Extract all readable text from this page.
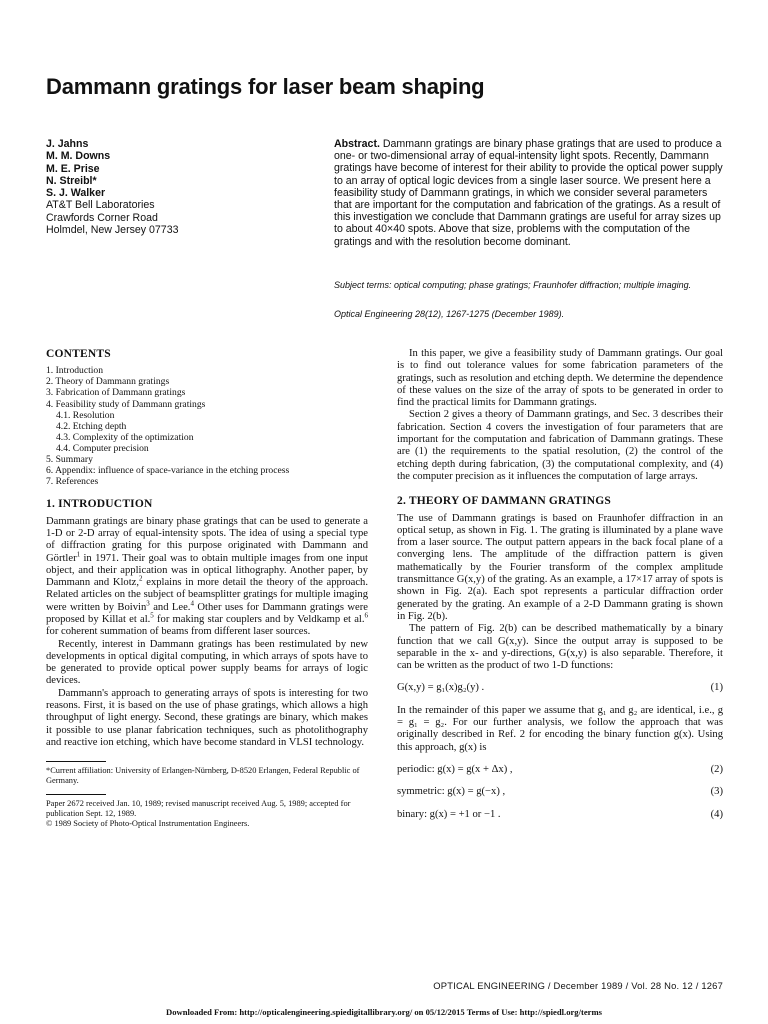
Dammann gratings for laser beam shaping
J. Jahns
M. M. Downs
M. E. Prise
N. Streibl*
S. J. Walker
AT&T Bell Laboratories
Crawfords Corner Road
Holmdel, New Jersey 07733

Abstract. Dammann gratings are binary phase gratings that are used to produce a one- or two-dimensional array of equal-intensity light spots. Recently, Dammann gratings have become of interest for their ability to provide the optical power supply to an array of optical logic devices from a single laser source. We present here a feasibility study of Dammann gratings, in which we consider several parameters that are important for the computation and fabrication of the gratings. As a result of this investigation we conclude that Dammann gratings are useful for array sizes up to about 40×40 spots. Above that size, problems with the computation of the gratings and with the resolution become dominant.

Subject terms: optical computing; phase gratings; Fraunhofer diffraction; multiple imaging.
Optical Engineering 28(12), 1267-1275 (December 1989).
CONTENTS
1. Introduction
2. Theory of Dammann gratings
3. Fabrication of Dammann gratings
4. Feasibility study of Dammann gratings
4.1. Resolution
4.2. Etching depth
4.3. Complexity of the optimization
4.4. Computer precision
5. Summary
6. Appendix: influence of space-variance in the etching process
7. References
1. INTRODUCTION

Dammann gratings are binary phase gratings that can be used to generate a 1-D or 2-D array of equal-intensity spots. The idea of using a special type of diffraction grating for this purpose originated with Dammann and Görtler$^1$ in 1971. Their goal was to obtain multiple images from one input object, and their application was in optical lithography. Another paper, by Dammann and Klotz,$^2$ explains in more detail the theory of the approach. Related articles on the subject of beamsplitter gratings for multiple imaging were written by Boivin$^3$ and Lee.$^4$ Other uses for Dammann gratings were proposed by Killat et al.$^5$ for making star couplers and by Veldkamp et al.$^6$ for coherent summation of beams from different laser sources.

Recently, interest in Dammann gratings has been restimulated by new developments in optical digital computing, in which arrays of spots have to be generated to provide optical power supply beams for arrays of logic devices.

Dammann's approach to generating arrays of spots is interesting for two reasons. First, it is based on the use of phase gratings, which allows a high throughput of light energy. Second, these gratings are binary, which makes it possible to use planar fabrication techniques, such as photolithography and reactive ion etching, which have become standard in VLSI technology.

*Current affiliation: University of Erlangen-Nürnberg, D-8520 Erlangen, Federal Republic of Germany.

Paper 2672 received Jan. 10, 1989; revised manuscript received Aug. 5, 1989; accepted for publication Sept. 12, 1989.

© 1989 Society of Photo-Optical Instrumentation Engineers.

In this paper, we give a feasibility study of Dammann gratings. Our goal is to find out tolerance values for some fabrication parameters of the gratings, such as resolution and etching depth. We determine the dependence of these values on the size of the array of spots to be generated in order to find the practical limits for Dammann gratings.

Section 2 gives a theory of Dammann gratings, and Sec. 3 describes their fabrication. Section 4 covers the investigation of four parameters that are important for the computation and fabrication of Dammann gratings. These are (1) the requirements to the spatial resolution, (2) the control of the etching depth during fabrication, (3) the computational complexity, and (4) the computer precision as it influences the computation of large arrays.

2. THEORY OF DAMMANN GRATINGS

The use of Dammann gratings is based on Fraunhofer diffraction in an optical setup, as shown in Fig. 1. The grating is illuminated by a plane wave from a laser source. The output pattern appears in the back focal plane of a converging lens. The amplitude of the diffraction pattern is given mathematically by the Fourier transform of the complex amplitude transmittance G(x,y) of the grating. As an example, a 17×17 array of spots is shown in Fig. 2(a). Each spot represents a particular diffraction order generated by the grating. An example of a 2-D Dammann grating is shown in Fig. 2(b).

The pattern of Fig. 2(b) can be described mathematically by a binary function that we call G(x,y). Since the output array is supposed to be separable in the x- and y-directions, G(x,y) is also separable. Therefore, it can be written as the product of two 1-D functions:

G(x,y) = g₁(x)g₂(y) .	(1)

In the remainder of this paper we assume that g₁ and g₂ are identical, i.e., g = g₁ = g₂. For our further analysis, we follow the approach that was originally described in Ref. 2 for encoding the binary function g(x). Using this approach, g(x) is

periodic: g(x) = g(x + Δx) ,	(2)
symmetric: g(x) = g(−x) ,	(3)
binary: g(x) = +1 or −1 .	(4)
OPTICAL ENGINEERING / December 1989 / Vol. 28 No. 12 / 1267
Downloaded From: http://opticalengineering.spiedigitallibrary.org/ on 05/12/2015 Terms of Use: http://spiedl.org/terms
